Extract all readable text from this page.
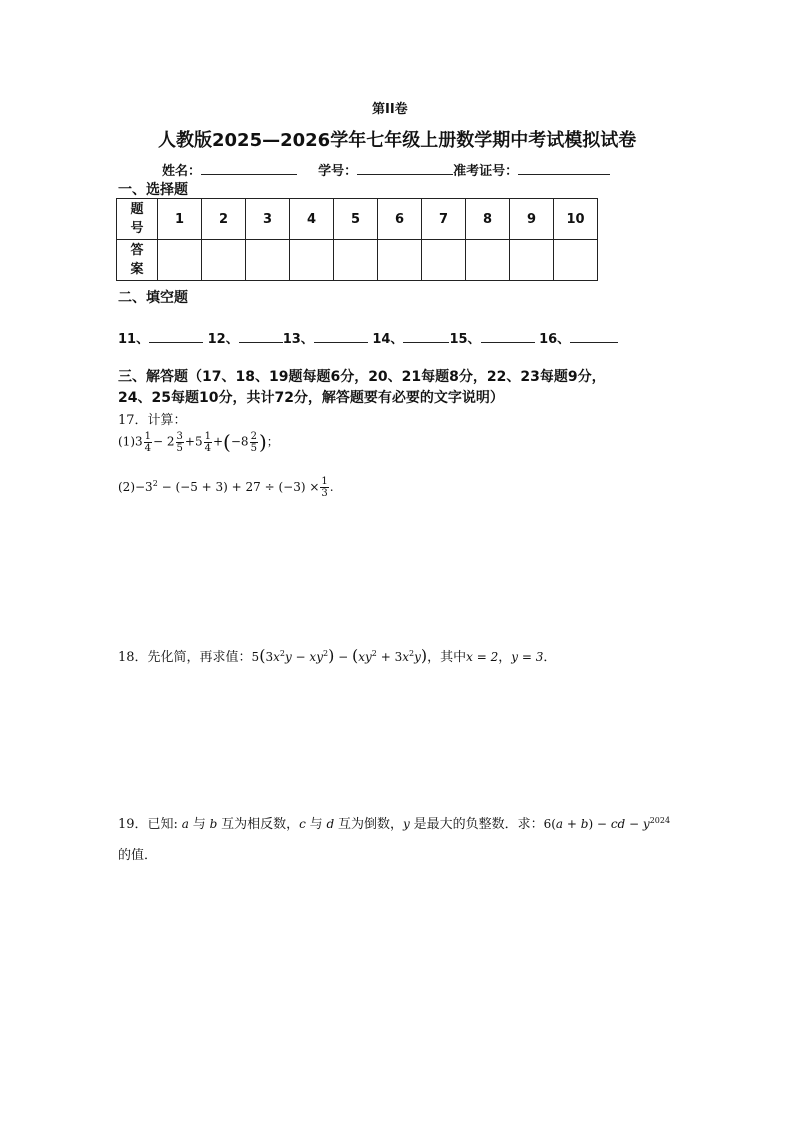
第II卷
人教版2025—2026学年七年级上册数学期中考试模拟试卷
姓名：	学号：	准考证号：
一、选择题
题
号	1	2	3	4	5	6	7	8	9	10
答
案										
二、填空题
11、	12、	13、	14、	15、	16、
三、解答题（17、18、19题每题6分，20、21每题8分，22、23每题9分，
24、25每题10分，共计72分，解答题要有必要的文字说明）
17．计算：
$(1)3 \frac{1}{4} - 2 \frac{3}{5} +5 \frac{1}{4} +(-8 \frac{2}{5}$ )；
$(2)-3^2 - (-5 + 3) + 27 \div (-3) \times \frac{1}{3}$ .
18．先化简，再求值：$5(3x^2y - xy^2) - (xy^2 + 3x^2y)$，其中x = 2，y = 3．
19．已知: a 与 b 互为相反数，c 与 d 互为倒数，y 是最大的负整数．求：6(a + b) − cd − $y^{2024}$
的值．
